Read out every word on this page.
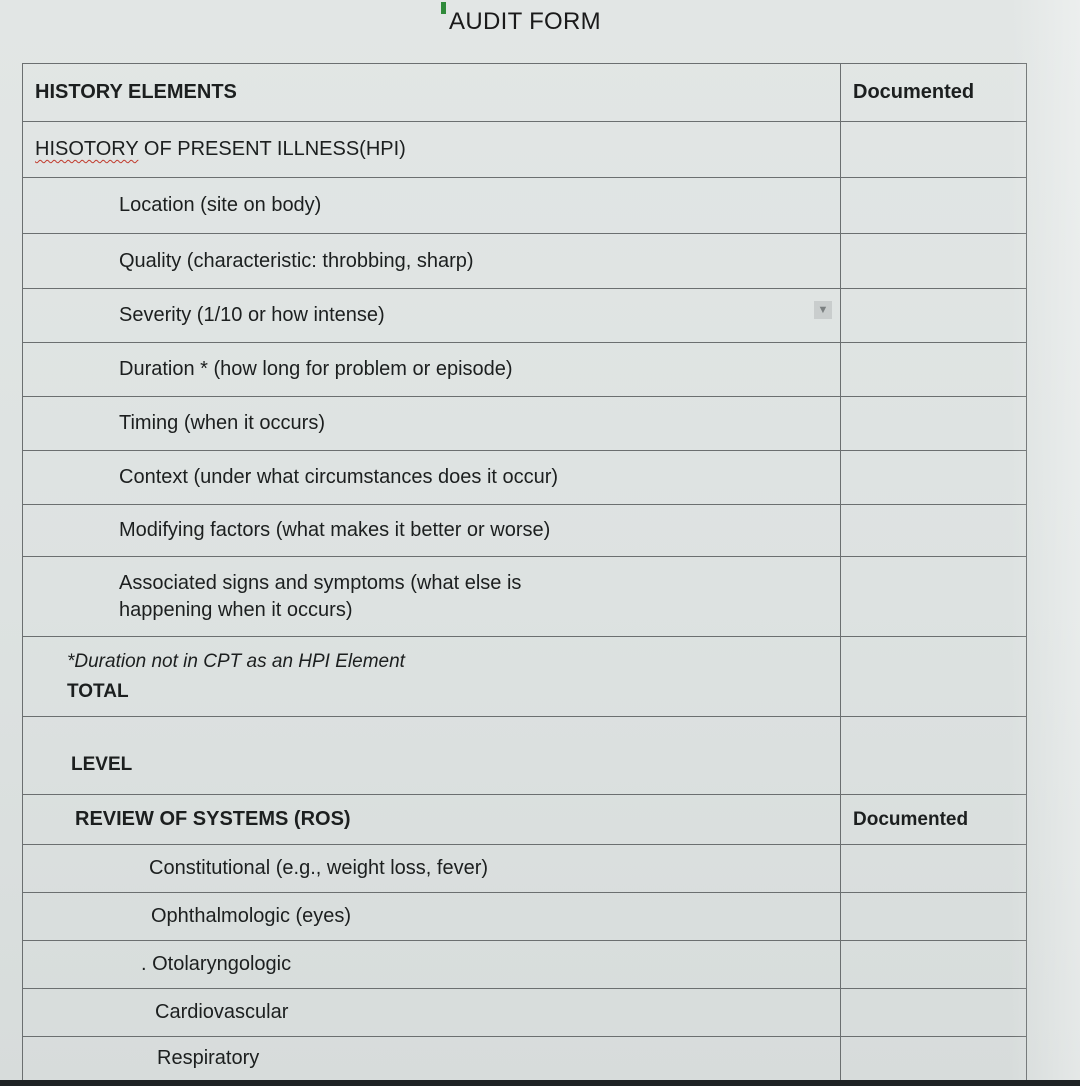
AUDIT FORM
HISTORY ELEMENTS	Documented
HISOTORY OF PRESENT ILLNESS(HPI)	
Location (site on body)	
Quality (characteristic: throbbing, sharp)	
Severity (1/10 or how intense) ▼	

Duration * (how long for problem or episode)	
Timing (when it occurs)	
Context (under what circumstances does it occur)	
Modifying factors (what makes it better or worse)	
Associated signs and symptoms (what else is happening when it occurs)	

*Duration not in CPT as an HPI Element
TOTAL	

LEVEL	
REVIEW OF SYSTEMS (ROS)	Documented
Constitutional (e.g., weight loss, fever)	
Ophthalmologic (eyes)	
. Otolaryngologic	
Cardiovascular	
Respiratory	
